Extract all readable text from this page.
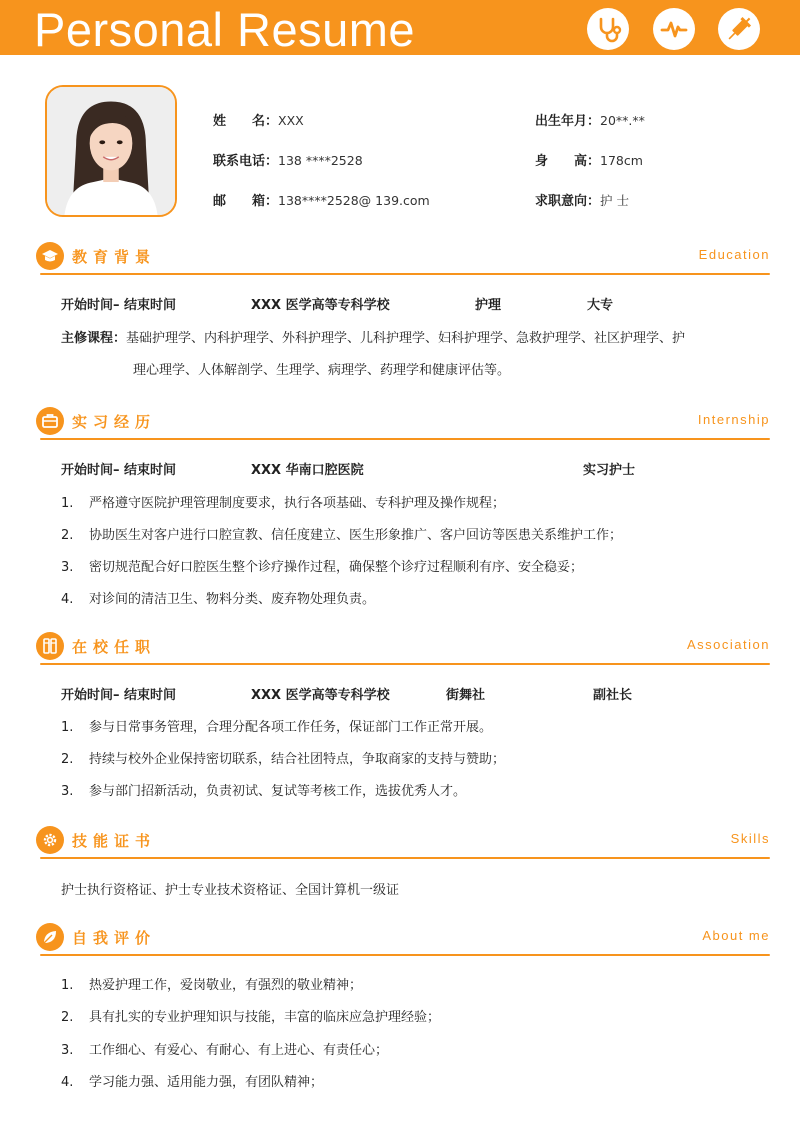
Personal Resume
姓　　名：XXX	出生年月：20**.**
联系电话：138 ****2528	身　　高：178cm
邮　　箱：138****2528@ 139.com	求职意向：护 士
教育背景	Education
开始时间– 结束时间	XXX 医学高等专科学校	护理	大专
主修课程：基础护理学、内科护理学、外科护理学、儿科护理学、妇科护理学、急救护理学、社区护理学、护
理心理学、人体解剖学、生理学、病理学、药理学和健康评估等。
实习经历	Internship
开始时间– 结束时间	XXX 华南口腔医院	实习护士
1. 严格遵守医院护理管理制度要求，执行各项基础、专科护理及操作规程；
2. 协助医生对客户进行口腔宣教、信任度建立、医生形象推广、客户回访等医患关系维护工作；
3. 密切规范配合好口腔医生整个诊疗操作过程，确保整个诊疗过程顺利有序、安全稳妥；
4. 对诊间的清洁卫生、物料分类、废弃物处理负责。
在校任职	Association
开始时间– 结束时间	XXX 医学高等专科学校	街舞社	副社长
1. 参与日常事务管理，合理分配各项工作任务，保证部门工作正常开展。
2. 持续与校外企业保持密切联系，结合社团特点，争取商家的支持与赞助；
3. 参与部门招新活动，负责初试、复试等考核工作，选拔优秀人才。
技能证书	Skills
护士执行资格证、护士专业技术资格证、全国计算机一级证
自我评价	About me
1. 热爱护理工作，爱岗敬业，有强烈的敬业精神；
2. 具有扎实的专业护理知识与技能，丰富的临床应急护理经验；
3. 工作细心、有爱心、有耐心、有上进心、有责任心；
4. 学习能力强、适用能力强，有团队精神；
